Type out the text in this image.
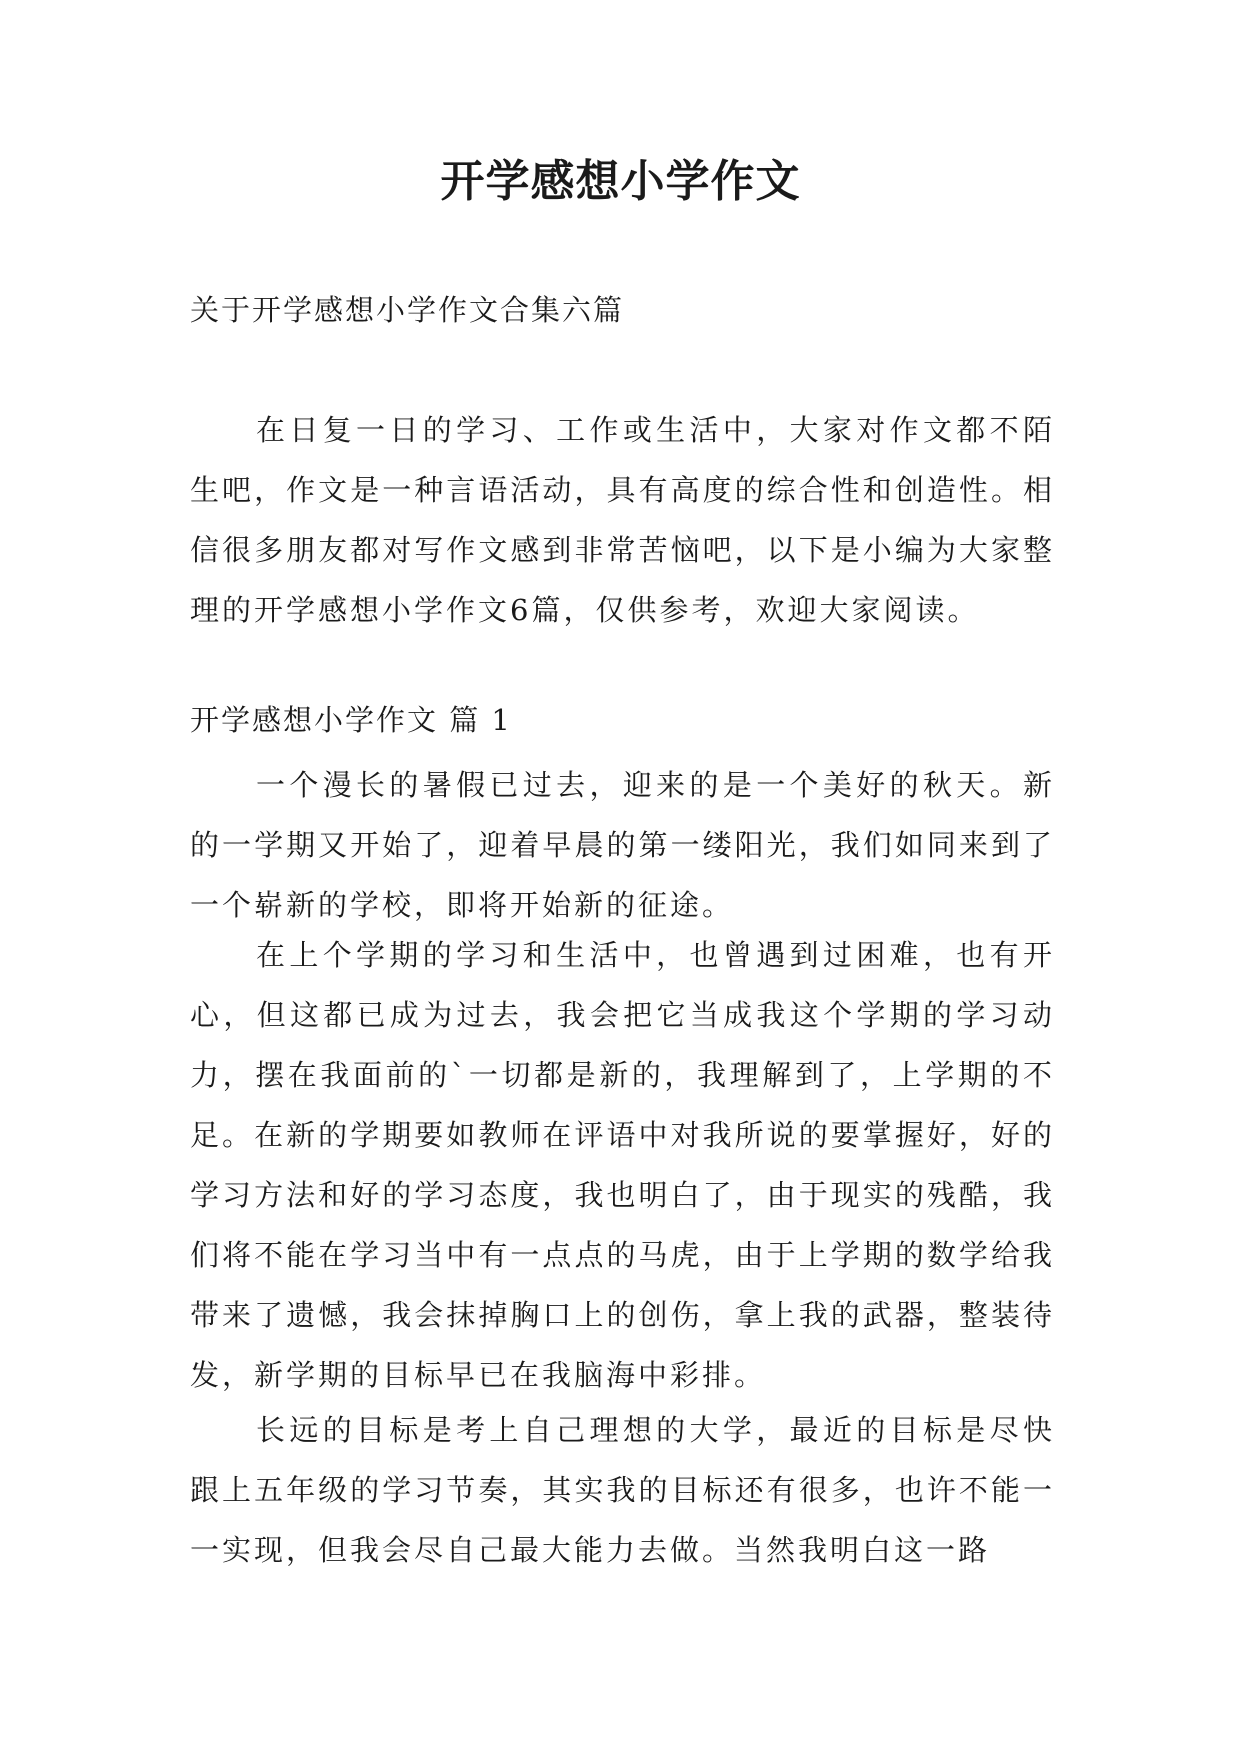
开学感想小学作文

关于开学感想小学作文合集六篇

在日复一日的学习、工作或生活中，大家对作文都不陌生吧，作文是一种言语活动，具有高度的综合性和创造性。相信很多朋友都对写作文感到非常苦恼吧，以下是小编为大家整理的开学感想小学作文6篇，仅供参考，欢迎大家阅读。

开学感想小学作文 篇 1

一个漫长的暑假已过去，迎来的是一个美好的秋天。新的一学期又开始了，迎着早晨的第一缕阳光，我们如同来到了一个崭新的学校，即将开始新的征途。

在上个学期的学习和生活中，也曾遇到过困难，也有开心，但这都已成为过去，我会把它当成我这个学期的学习动力，摆在我面前的`一切都是新的，我理解到了，上学期的不足。在新的学期要如教师在评语中对我所说的要掌握好，好的学习方法和好的学习态度，我也明白了，由于现实的残酷，我们将不能在学习当中有一点点的马虎，由于上学期的数学给我带来了遗憾，我会抹掉胸口上的创伤，拿上我的武器，整装待发，新学期的目标早已在我脑海中彩排。

长远的目标是考上自己理想的大学，最近的目标是尽快跟上五年级的学习节奏，其实我的目标还有很多，也许不能一一实现，但我会尽自己最大能力去做。当然我明白这一路
